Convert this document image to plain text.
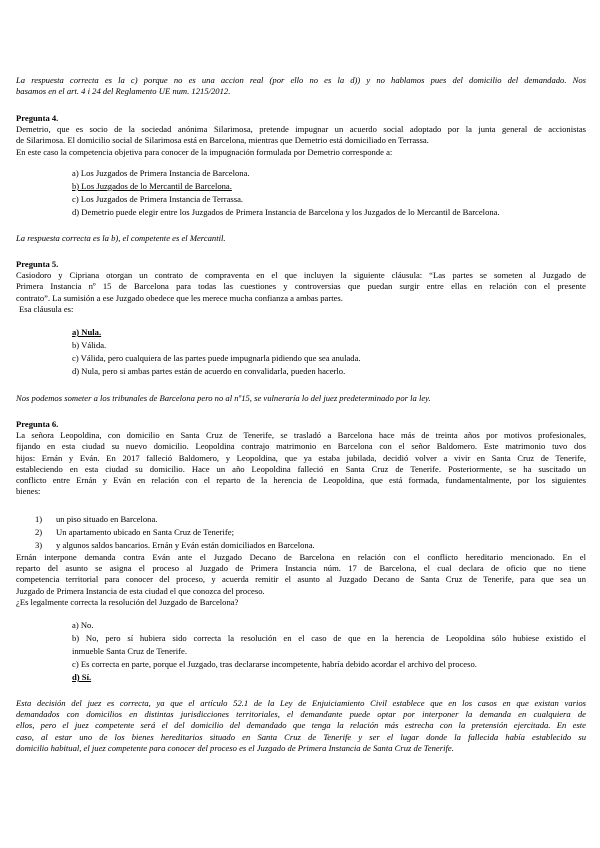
La respuesta correcta es la c) porque no es una accion real (por ello no es la d)) y no hablamos pues del domicilio del demandado. Nos
basamos en el art. 4 i 24 del Reglamento UE num. 1215/2012.
Pregunta 4.
Demetrio, que es socio de la sociedad anónima Silarimosa, pretende impugnar un acuerdo social adoptado por la junta general de accionistas
de Silarimosa. El domicilio social de Silarimosa está en Barcelona, mientras que Demetrio está domiciliado en Terrassa.
En este caso la competencia objetiva para conocer de la impugnación formulada por Demetrio corresponde a:
a) Los Juzgados de Primera Instancia de Barcelona.
b) Los Juzgados de lo Mercantil de Barcelona.
c) Los Juzgados de Primera Instancia de Terrassa.
d) Demetrio puede elegir entre los Juzgados de Primera Instancia de Barcelona y los Juzgados de lo Mercantil de Barcelona.
La respuesta correcta es la b), el competente es el Mercantil.
Pregunta 5.
Casiodoro y Cipriana otorgan un contrato de compraventa en el que incluyen la siguiente cláusula: “Las partes se someten al Juzgado de
Primera Instancia nº 15 de Barcelona para todas las cuestiones y controversias que puedan surgir entre ellas en relación con el presente
contrato”. La sumisión a ese Juzgado obedece que les merece mucha confianza a ambas partes.
Esa cláusula es:
a) Nula.
b) Válida.
c) Válida, pero cualquiera de las partes puede impugnarla pidiendo que sea anulada.
d) Nula, pero si ambas partes están de acuerdo en convalidarla, pueden hacerlo.
Nos podemos someter a los tribunales de Barcelona pero no al nº15, se vulneraría lo del juez predeterminado por la ley.
Pregunta 6.
La señora Leopoldina, con domicilio en Santa Cruz de Tenerife, se trasladó a Barcelona hace más de treinta años por motivos profesionales,
fijando en esta ciudad su nuevo domicilio. Leopoldina contrajo matrimonio en Barcelona con el señor Baldomero. Este matrimonio tuvo dos
hijos: Ernán y Eván. En 2017 falleció Baldomero, y Leopoldina, que ya estaba jubilada, decidió volver a vivir en Santa Cruz de Tenerife,
estableciendo en esta ciudad su domicilio. Hace un año Leopoldina falleció en Santa Cruz de Tenerife. Posteriormente, se ha suscitado un
conflicto entre Ernán y Eván en relación con el reparto de la herencia de Leopoldina, que está formada, fundamentalmente, por los siguientes
bienes:
1) un piso situado en Barcelona.
2) Un apartamento ubicado en Santa Cruz de Tenerife;
3) y algunos saldos bancarios. Ernán y Eván están domiciliados en Barcelona.
Ernán interpone demanda contra Eván ante el Juzgado Decano de Barcelona en relación con el conflicto hereditario mencionado. En el
reparto del asunto se asigna el proceso al Juzgado de Primera Instancia núm. 17 de Barcelona, el cual declara de oficio que no tiene
competencia territorial para conocer del proceso, y acuerda remitir el asunto al Juzgado Decano de Santa Cruz de Tenerife, para que sea un
Juzgado de Primera Instancia de esta ciudad el que conozca del proceso.
¿Es legalmente correcta la resolución del Juzgado de Barcelona?
a) No.
b) No, pero sí hubiera sido correcta la resolución en el caso de que en la herencia de Leopoldina sólo hubiese existido el
inmueble Santa Cruz de Tenerife.
c) Es correcta en parte, porque el Juzgado, tras declararse incompetente, habría debido acordar el archivo del proceso.
d) Sí.
Esta decisión del juez es correcta, ya que el artículo 52.1 de la Ley de Enjuiciamiento Civil establece que en los casos en que existan varios
demandados con domicilios en distintas jurisdicciones territoriales, el demandante puede optar por interponer la demanda en cualquiera de
ellos, pero el juez competente será el del domicilio del demandado que tenga la relación más estrecha con la pretensión ejercitada. En este
caso, al estar uno de los bienes hereditarios situado en Santa Cruz de Tenerife y ser el lugar donde la fallecida había establecido su
domicilio habitual, el juez competente para conocer del proceso es el Juzgado de Primera Instancia de Santa Cruz de Tenerife.
